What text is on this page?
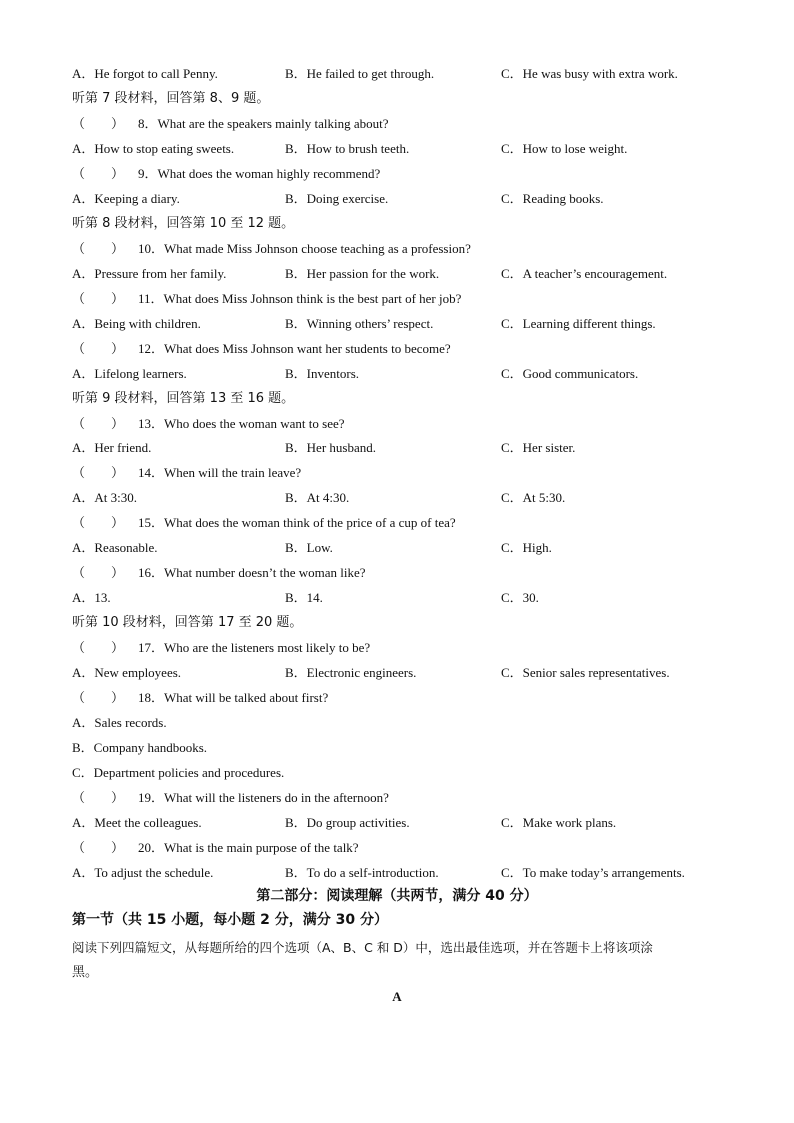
A．He forgot to call Penny.	B．He failed to get through.	C．He was busy with extra work.
听第 7 段材料，回答第 8、9 题。
（　　） 8．What are the speakers mainly talking about?
A．How to stop eating sweets.	B．How to brush teeth.	C．How to lose weight.
（　　） 9．What does the woman highly recommend?
A．Keeping a diary.	B．Doing exercise.	C．Reading books.
听第 8 段材料，回答第 10 至 12 题。
（　　） 10．What made Miss Johnson choose teaching as a profession?
A．Pressure from her family.	B．Her passion for the work.	C．A teacher’s encouragement.
（　　） 11．What does Miss Johnson think is the best part of her job?
A．Being with children.	B．Winning others’ respect.	C．Learning different things.
（　　） 12．What does Miss Johnson want her students to become?
A．Lifelong learners.	B．Inventors.	C．Good communicators.
听第 9 段材料，回答第 13 至 16 题。
（　　） 13．Who does the woman want to see?
A．Her friend.	B．Her husband.	C．Her sister.
（　　） 14．When will the train leave?
A．At 3:30.	B．At 4:30.	C．At 5:30.
（　　） 15．What does the woman think of the price of a cup of tea?
A．Reasonable.	B．Low.	C．High.
（　　） 16．What number doesn’t the woman like?
A．13.	B．14.	C．30.
听第 10 段材料，回答第 17 至 20 题。
（　　） 17．Who are the listeners most likely to be?
A．New employees.	B．Electronic engineers.	C．Senior sales representatives.
（　　） 18．What will be talked about first?
A．Sales records.
B．Company handbooks.
C．Department policies and procedures.
（　　） 19．What will the listeners do in the afternoon?
A．Meet the colleagues.	B．Do group activities.	C．Make work plans.
（　　） 20．What is the main purpose of the talk?
A．To adjust the schedule.	B．To do a self-introduction.	C．To make today’s arrangements.
第二部分：阅读理解（共两节，满分 40 分）
第一节（共 15 小题，每小题 2 分，满分 30 分）
阅读下列四篇短文，从每题所给的四个选项（A、B、C 和 D）中，选出最佳选项，并在答题卡上将该项涂
黑。
A
